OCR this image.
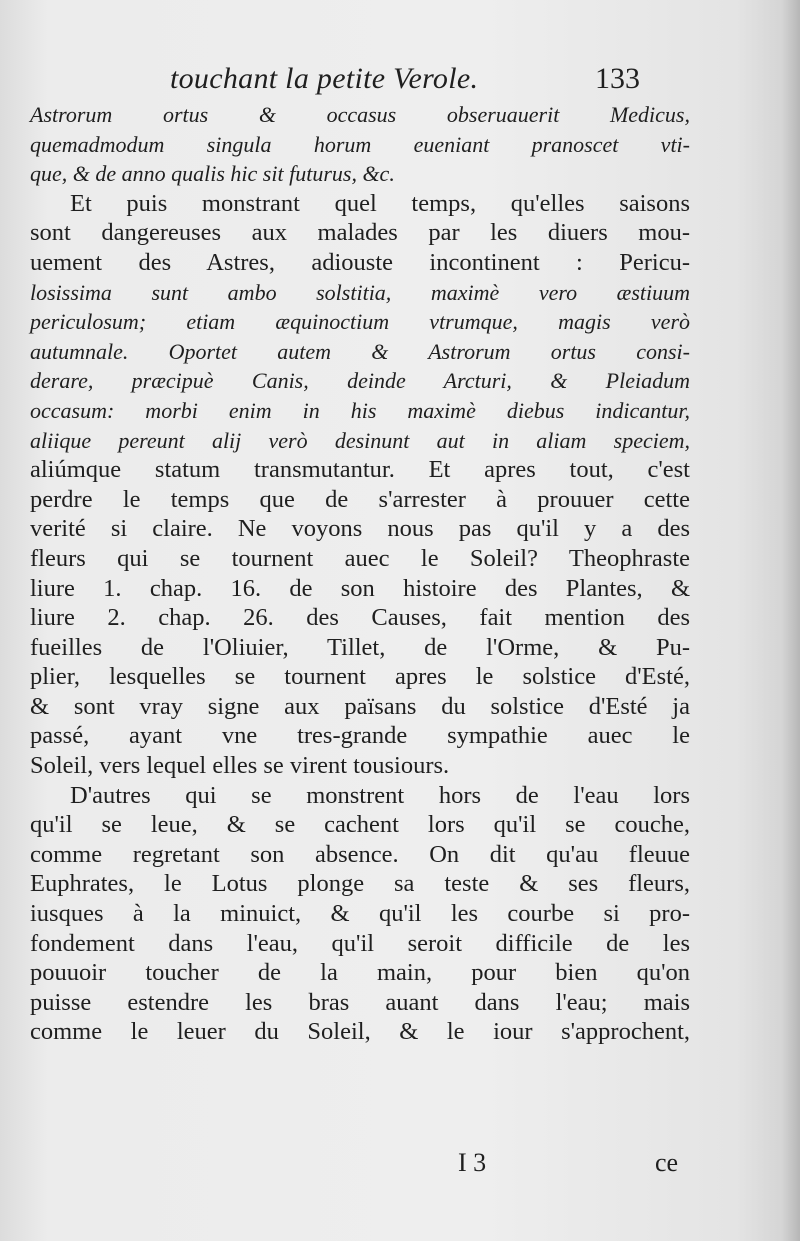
touchant la petite Verole.	133
Astrorum ortus & occasus obseruauerit Medicus,
quemadmodum singula horum eueniant pranoscet vti-
que, & de anno qualis hic sit futurus, &c.
Et puis monstrant quel temps, qu'elles saisons
sont dangereuses aux malades par les diuers mou-
uement des Astres, adiouste incontinent : Pericu-
losissima sunt ambo solstitia, maximè vero æstiuum
periculosum; etiam æquinoctium vtrumque, magis verò
autumnale. Oportet autem & Astrorum ortus consi-
derare, præcipuè Canis, deinde Arcturi, & Pleiadum
occasum: morbi enim in his maximè diebus indicantur,
aliique pereunt alij verò desinunt aut in aliam speciem,
aliúmque statum transmutantur. Et apres tout, c'est
perdre le temps que de s'arrester à prouuer cette
verité si claire. Ne voyons nous pas qu'il y a des
fleurs qui se tournent auec le Soleil? Theophraste
liure 1. chap. 16. de son histoire des Plantes, &
liure 2. chap. 26. des Causes, fait mention des
fueilles de l'Oliuier, Tillet, de l'Orme, & Pu-
plier, lesquelles se tournent apres le solstice d'Esté,
& sont vray signe aux païsans du solstice d'Esté ja
passé, ayant vne tres-grande sympathie auec le
Soleil, vers lequel elles se virent tousiours.
D'autres qui se monstrent hors de l'eau lors
qu'il se leue, & se cachent lors qu'il se couche,
comme regretant son absence. On dit qu'au fleuue
Euphrates, le Lotus plonge sa teste & ses fleurs,
iusques à la minuict, & qu'il les courbe si pro-
fondement dans l'eau, qu'il seroit difficile de les
pouuoir toucher de la main, pour bien qu'on
puisse estendre les bras auant dans l'eau; mais
comme le leuer du Soleil, & le iour s'approchent,
I 3	ce
